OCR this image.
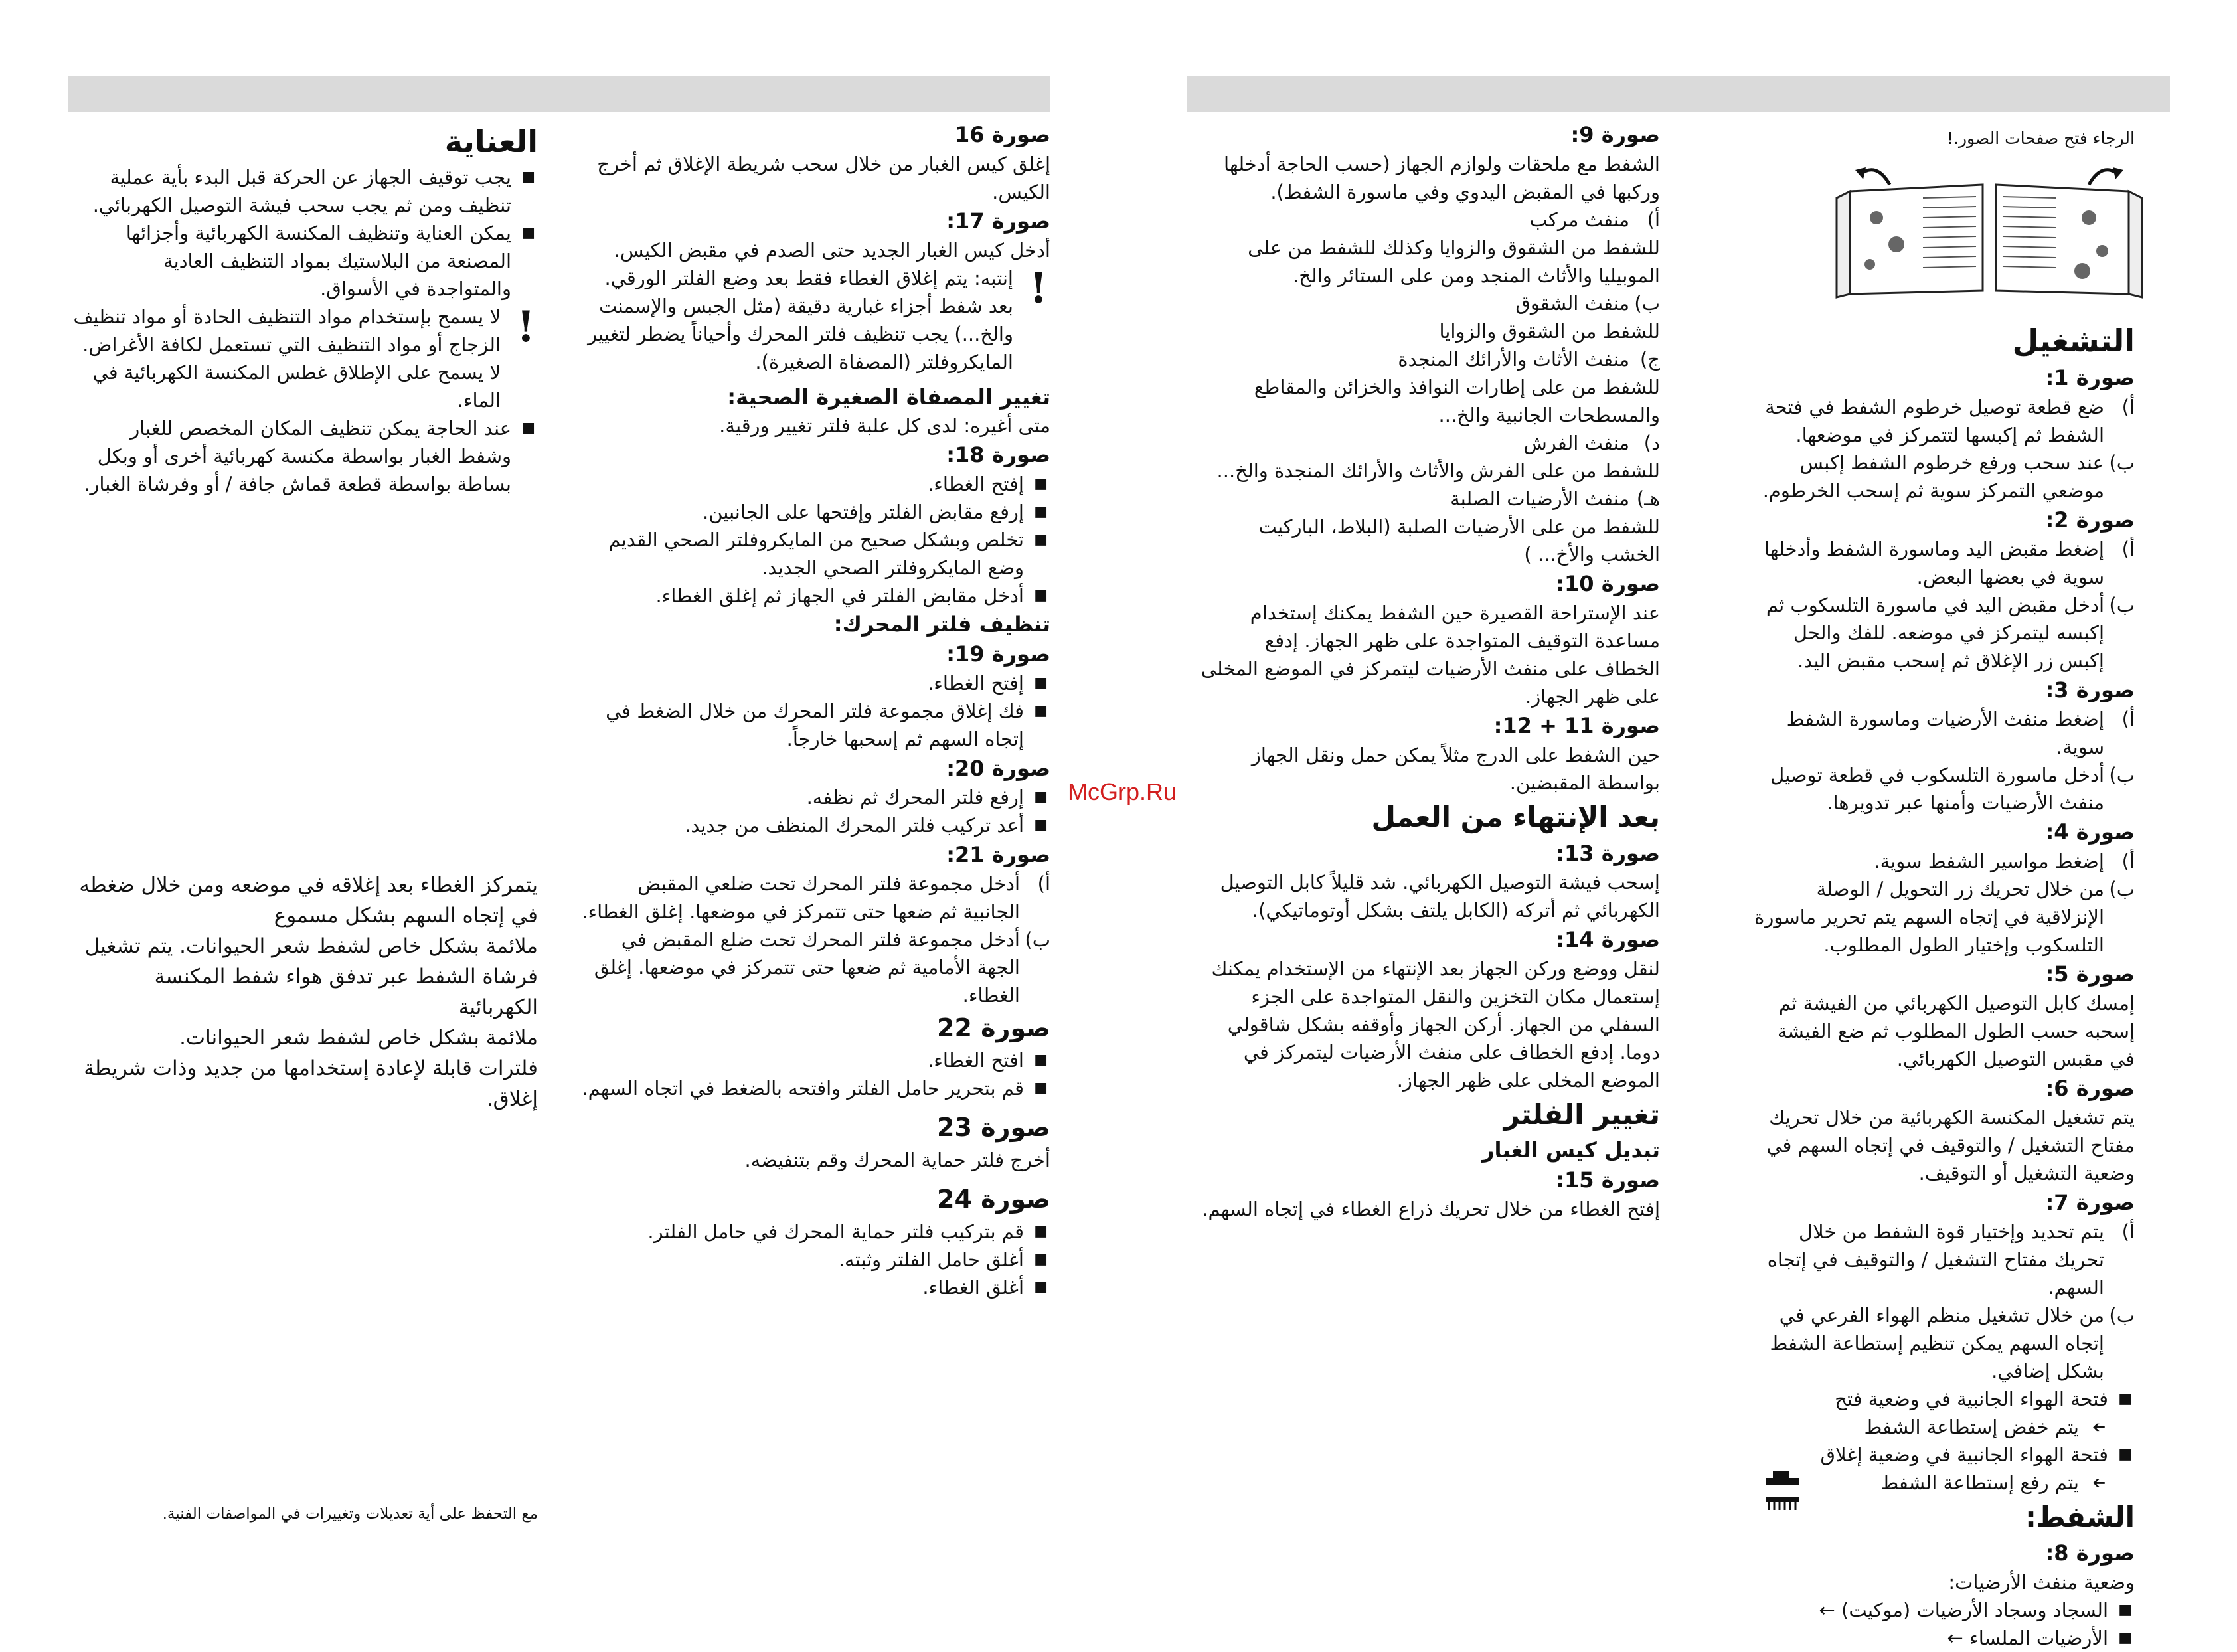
الرجاء فتح صفحات الصور.!

التشغيل

صورة 1:

أ)
ضع قطعة توصيل خرطوم الشفط في فتحة الشفط ثم إكبسها لتتمركز في موضعها.
ب)
عند سحب ورفع خرطوم الشفط إكبس موضعي التمركز سوية ثم إسحب الخرطوم.

صورة 2:

أ)
إضغط مقبض اليد وماسورة الشفط وأدخلها سوية في بعضها البعض.
ب)
أدخل مقبض اليد في ماسورة التلسكوب ثم إكبسه ليتمركز في موضعه. للفك والحل إكبس زر الإغلاق ثم إسحب مقبض اليد.

صورة 3:

أ)
إضغط منفث الأرضيات وماسورة الشفط سوية.
ب)
أدخل ماسورة التلسكوب في قطعة توصيل منفث الأرضيات وأمنها عبر تدويرها.

صورة 4:

أ)
إضغط مواسير الشفط سوية.
ب)
من خلال تحريك زر التحويل / الوصلة الإنزلاقية في إتجاه السهم يتم تحرير ماسورة التلسكوب وإختيار الطول المطلوب.

صورة 5:

إمسك كابل التوصيل الكهربائي من الفيشة ثم إسحبه حسب الطول المطلوب ثم ضع الفيشة في مقبس التوصيل الكهربائي.

صورة 6:

يتم تشغيل المكنسة الكهربائية من خلال تحريك مفتاح التشغيل / والتوقيف في إتجاه السهم في وضعية التشغيل أو التوقيف.

صورة 7:

أ)
يتم تحديد وإختيار قوة الشفط من خلال تحريك مفتاح التشغيل / والتوقيف في إتجاه السهم.
ب)
من خلال تشغيل منظم الهواء الفرعي في إتجاه السهم يمكن تنظيم إستطاعة الشفط بشكل إضافي.
■ فتحة الهواء الجانبية في وضعية فتح
➔ يتم خفض إستطاعة الشفط
■ فتحة الهواء الجانبية في وضعية إغلاق
➔ يتم رفع إستطاعة الشفط

الشفط:

صورة 8:

وضعية منفث الأرضيات:

■ السجاد وسجاد الأرضيات (موكيت) ←
■ الأرضيات الملساء ←

صورة 9:

الشفط مع ملحقات ولوازم الجهاز (حسب الحاجة أدخلها وركبها في المقبض اليدوي وفي ماسورة الشفط).

أ)
منفث مركب

للشفط من الشقوق والزوايا وكذلك للشفط من على الموبيليا والأثاث المنجد ومن على الستائر والخ.

ب)
منفث الشقوق

للشفط من الشقوق والزوايا

ج)
منفث الأثاث والأرائك المنجدة

للشفط من على إطارات النوافذ والخزائن والمقاطع والمسطحات الجانبية والخ...

د)
منفث الفرش

للشفط من على الفرش والأثاث والأرائك المنجدة والخ...

هـ)
منفث الأرضيات الصلبة

للشفط من على الأرضيات الصلبة (البلاط، الباركيت الخشب والأخ... )

صورة 10:

عند الإستراحة القصيرة حين الشفط يمكنك إستخدام مساعدة التوقيف المتواجدة على ظهر الجهاز. إدفع الخطاف على منفث الأرضيات ليتمركز في الموضع المخلى على ظهر الجهاز.

صورة 11 + 12:

حين الشفط على الدرج مثلاً يمكن حمل ونقل الجهاز بواسطة المقبضين.

بعد الإنتهاء من العمل

صورة 13:

إسحب فيشة التوصيل الكهربائي. شد قليلاً كابل التوصيل الكهربائي ثم أتركه (الكابل يلتف بشكل أوتوماتيكي).

صورة 14:

لنقل ووضع وركن الجهاز بعد الإنتهاء من الإستخدام يمكنك إستعمال مكان التخزين والنقل المتواجدة على الجزء السفلي من الجهاز. أركن الجهاز وأوقفه بشكل شاقولي دوما. إدفع الخطاف على منفث الأرضيات ليتمركز في الموضع المخلى على ظهر الجهاز.

تغيير الفلتر

تبديل كيس الغبار

صورة 15:

إفتح الغطاء من خلال تحريك ذراع الغطاء في إتجاه السهم.

صورة 16

إغلق كيس الغبار من خلال سحب شريطة الإغلاق ثم أخرج الكيس.

صورة 17:

أدخل كيس الغبار الجديد حتى الصدم في مقبض الكيس.

!
إنتبه: يتم إغلاق الغطاء فقط بعد وضع الفلتر الورقي. بعد شفط أجزاء غبارية دقيقة (مثل الجبس والإسمنت والخ...) يجب تنظيف فلتر المحرك وأحياناً يضطر لتغيير المايكروفلتر (المصفاة الصغيرة).

تغيير المصفاة الصغيرة الصحية:

متى أغيره: لدى كل علبة فلتر تغيير ورقية.

صورة 18:

■ إفتح الغطاء.
■ إرفع مقابض الفلتر وإفتحها على الجانبين.
■ تخلص وبشكل صحيح من المايكروفلتر الصحي القديم وضع المايكروفلتر الصحي الجديد.
■ أدخل مقابض الفلتر في الجهاز ثم إغلق الغطاء.

تنظيف فلتر المحرك:

صورة 19:

■ إفتح الغطاء.
■ فك إغلاق مجموعة فلتر المحرك من خلال الضغط في إتجاه السهم ثم إسحبها خارجاً.

صورة 20:

■ إرفع فلتر المحرك ثم نظفه.
■ أعد تركيب فلتر المحرك المنظف من جديد.

صورة 21:

أ)
أدخل مجموعة فلتر المحرك تحت ضلعي المقبض الجانبية ثم ضعها حتى تتمركز في موضعها. إغلق الغطاء.
ب)
أدخل مجموعة فلتر المحرك تحت ضلع المقبض في الجهة الأمامية ثم ضعها حتى تتمركز في موضعها. إغلق الغطاء.

صورة 22

■ افتح الغطاء.
■ قم بتحرير حامل الفلتر وافتحه بالضغط في اتجاه السهم.

صورة 23

أخرج فلتر حماية المحرك وقم بتنفيضه.

صورة 24

■ قم بتركيب فلتر حماية المحرك في حامل الفلتر.
■ أغلق حامل الفلتر وثبته.
■ أغلق الغطاء.

العناية

■ يجب توقيف الجهاز عن الحركة قبل البدء بأية عملية تنظيف ومن ثم يجب سحب فيشة التوصيل الكهربائي.
■ يمكن العناية وتنظيف المكنسة الكهربائية وأجزائها المصنعة من البلاستيك بمواد التنظيف العادية والمتواجدة في الأسواق.
!
لا يسمح بإستخدام مواد التنظيف الحادة أو مواد تنظيف الزجاج أو مواد التنظيف التي تستعمل لكافة الأغراض. لا يسمح على الإطلاق غطس المكنسة الكهربائية في الماء.
■ عند الحاجة يمكن تنظيف المكان المخصص للغبار وشفط الغبار بواسطة مكنسة كهربائية أخرى أو وبكل بساطة بواسطة قطعة قماش جافة / أو وفرشاة الغبار.

يتمركز الغطاء بعد إغلاقه في موضعه ومن خلال ضغطه في إتجاه السهم بشكل مسموع

ملائمة بشكل خاص لشفط شعر الحيوانات. يتم تشغيل فرشاة الشفط عبر تدفق هواء شفط المكنسة الكهربائية

ملائمة بشكل خاص لشفط شعر الحيوانات.

فلترات قابلة لإعادة إستخدامها من جديد وذات شريطة إغلاق.

مع التحفظ على أية تعديلات وتغييرات في المواصفات الفنية.

McGrp.Ru
